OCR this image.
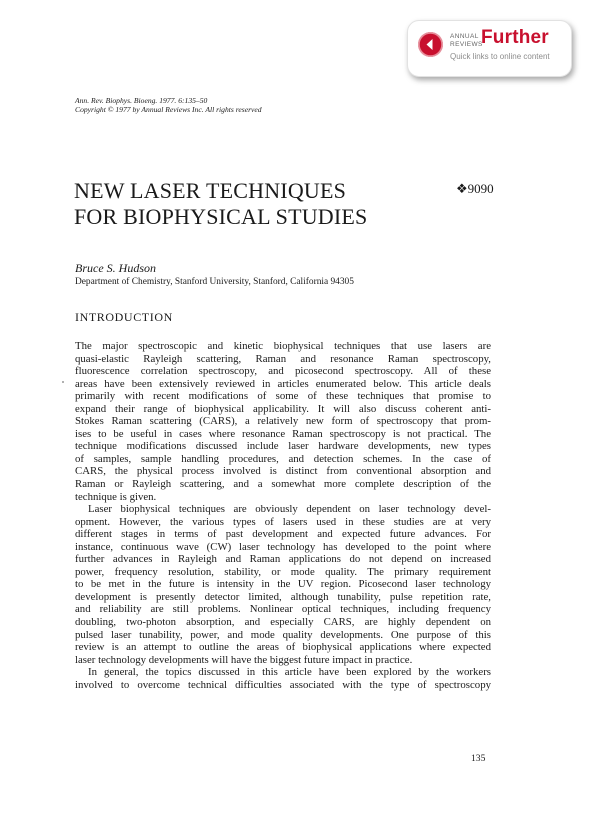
ANNUAL
REVIEWS
Further
Quick links to online content
Ann. Rev. Biophys. Bioeng. 1977. 6:135–50
Copyright © 1977 by Annual Reviews Inc. All rights reserved
NEW LASER TECHNIQUES
FOR BIOPHYSICAL STUDIES
❖9090
Bruce S. Hudson
Department of Chemistry, Stanford University, Stanford, California 94305
INTRODUCTION
The major spectroscopic and kinetic biophysical techniques that use lasers are
quasi-elastic Rayleigh scattering, Raman and resonance Raman spectroscopy,
fluorescence correlation spectroscopy, and picosecond spectroscopy. All of these
areas have been extensively reviewed in articles enumerated below. This article deals
primarily with recent modifications of some of these techniques that promise to
expand their range of biophysical applicability. It will also discuss coherent anti-
Stokes Raman scattering (CARS), a relatively new form of spectroscopy that prom-
ises to be useful in cases where resonance Raman spectroscopy is not practical. The
technique modifications discussed include laser hardware developments, new types
of samples, sample handling procedures, and detection schemes. In the case of
CARS, the physical process involved is distinct from conventional absorption and
Raman or Rayleigh scattering, and a somewhat more complete description of the
technique is given.
Laser biophysical techniques are obviously dependent on laser technology devel-
opment. However, the various types of lasers used in these studies are at very
different stages in terms of past development and expected future advances. For
instance, continuous wave (CW) laser technology has developed to the point where
further advances in Rayleigh and Raman applications do not depend on increased
power, frequency resolution, stability, or mode quality. The primary requirement
to be met in the future is intensity in the UV region. Picosecond laser technology
development is presently detector limited, although tunability, pulse repetition rate,
and reliability are still problems. Nonlinear optical techniques, including frequency
doubling, two-photon absorption, and especially CARS, are highly dependent on
pulsed laser tunability, power, and mode quality developments. One purpose of this
review is an attempt to outline the areas of biophysical applications where expected
laser technology developments will have the biggest future impact in practice.
In general, the topics discussed in this article have been explored by the workers
involved to overcome technical difficulties associated with the type of spectroscopy
135
